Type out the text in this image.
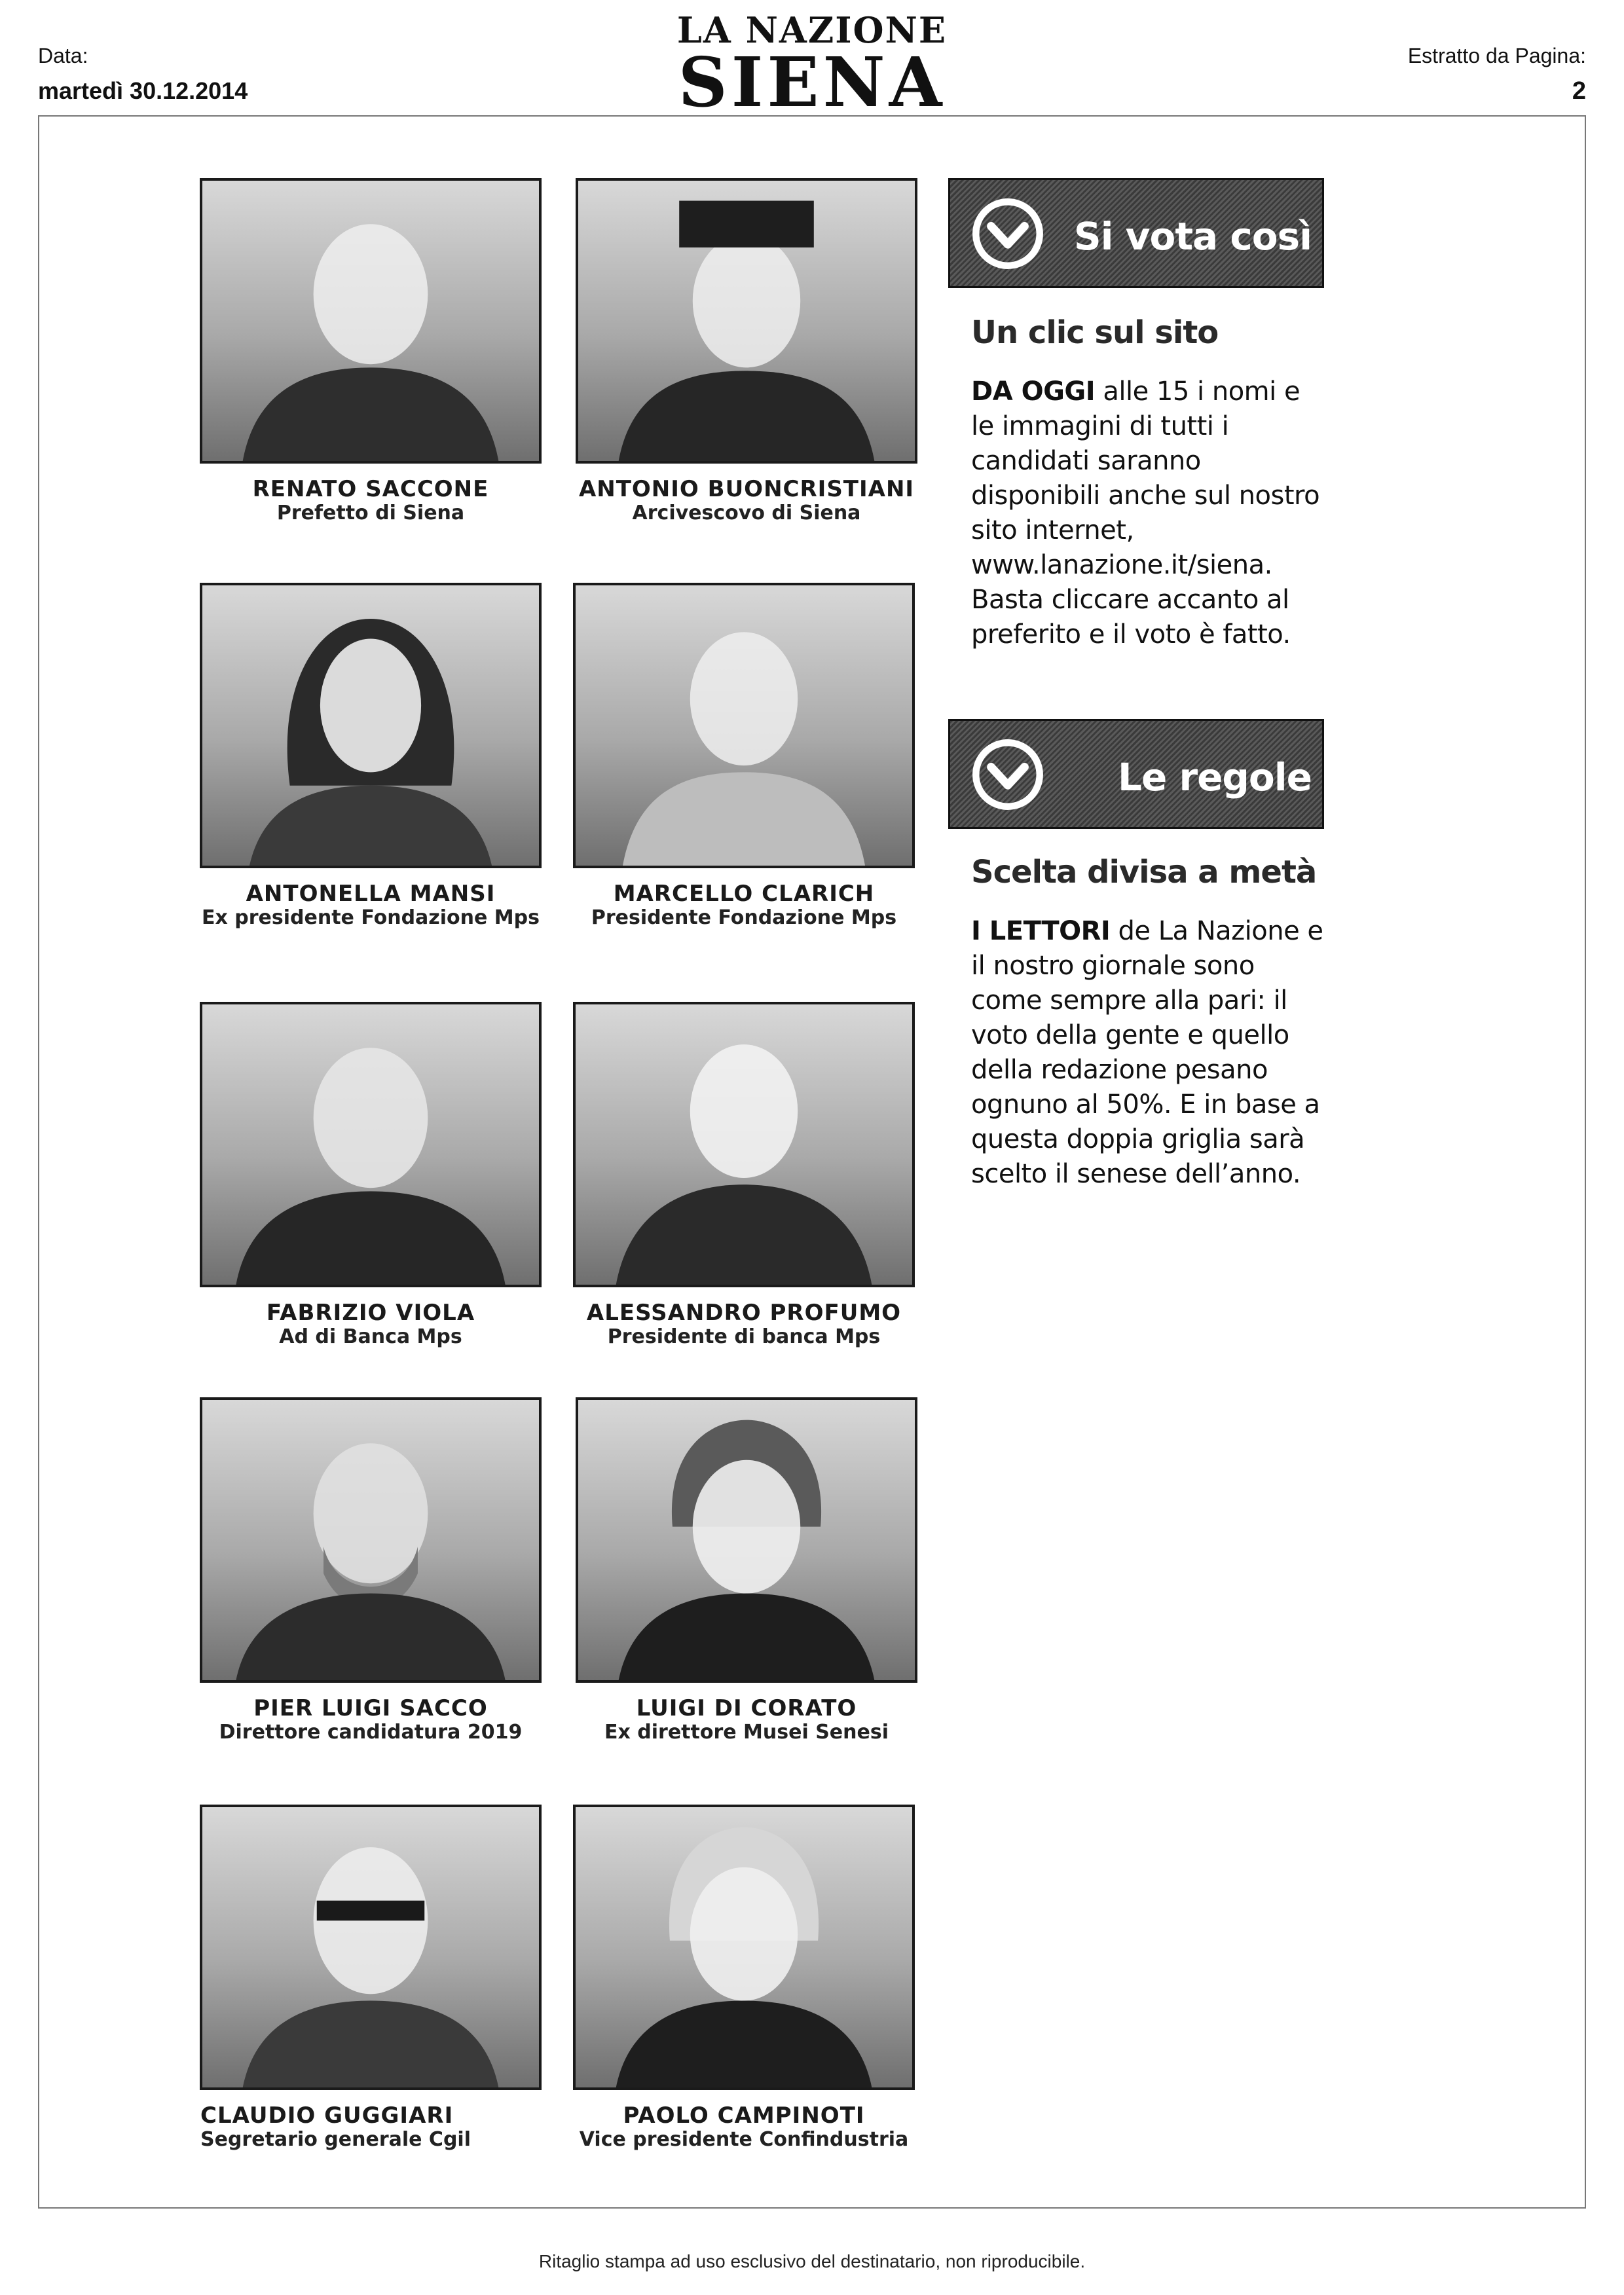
Data:
martedì 30.12.2014
LA NAZIONE
SIENA	Estratto da Pagina:
2
RENATO SACCONE
Prefetto di Siena
ANTONIO BUONCRISTIANI
Arcivescovo di Siena
ANTONELLA MANSI
Ex presidente Fondazione Mps
MARCELLO CLARICH
Presidente Fondazione Mps
FABRIZIO VIOLA
Ad di Banca Mps
ALESSANDRO PROFUMO
Presidente di banca Mps
PIER LUIGI SACCO
Direttore candidatura 2019
LUIGI DI CORATO
Ex direttore Musei Senesi
CLAUDIO GUGGIARI
Segretario generale Cgil
PAOLO CAMPINOTI
Vice presidente Confindustria
Si vota così
Un clic sul sito
DA OGGI alle 15 i nomi e le immagini di tutti i candidati saranno disponibili anche sul nostro sito internet, www.lanazione.it/siena. Basta cliccare accanto al preferito e il voto è fatto.
Le regole
Scelta divisa a metà
I LETTORI de La Nazione e il nostro giornale sono come sempre alla pari: il voto della gente e quello della redazione pesano ognuno al 50%. E in base a questa doppia griglia sarà scelto il senese dell’anno.
Ritaglio stampa ad uso esclusivo del destinatario, non riproducibile.
